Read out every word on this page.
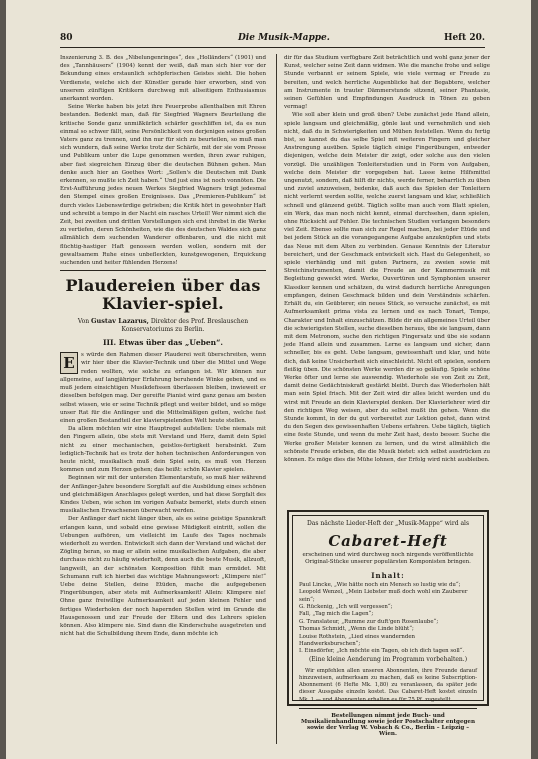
80	Die Musik-Mappe.	Heft 20.

Inszenierung 3. B. des „Nibelungenringes“, des „Holländers“ (1901) und des „Tannhäusers“ (1904) kennt der weiß, daß man sich hier vor der Bekundung eines erstaunlich schöpferischen Geistes sieht. Die hohen Verdienste, welche sich der Künstler gerade hier erworben, sind von unserem zünftigen Kritikern durchweg mit allseitigem Enthusiasmus anerkannt worden.

Seine Werke haben bis jetzt ihre Feuerprobe allenthalben mit Ehren bestanden. Bedenkt man, daß für Siegfried Wagners Beurteilung die kritische Sonde ganz unmißkürlich schärfer geschliffen ist, da es nun einmal so schwer fällt, seine Persönlichkeit von derjenigen seines großen Vaters ganz zu trennen, und ihn nur für sich zu beurteilen, so muß man sich wundern, daß seine Werke trotz der Schärfe, mit der sie vom Presse und Publikum unter die Lupe genommen werden, ihren zwar ruhigen, aber fast siegreichen Einzug über die deutschen Bühnen gehen. Man denke auch hier an Goethes Wort: „Sollen's die Deutschen mit Dank erkennen, so mußte ich Zeit haben.“ Und just eins ist noch vonnöten. Die Erst-Aufführung jedes neuen Werkes Siegfried Wagners trägt jedesmal den Stempel eines großen Ereignisses. Das „Premieren-Publikum“ ist durch vieles Liebenswürdige getrieben; die Kritik hört in gewohnter Haft und schreibt a tempo in der Nacht ein rasches Urteil! Wer nimmt sich die Zeit, bei zweiten und dritten Vorstellungen sich erst ihrebst in die Werke zu vertiefen, deren Schönheiten, wie die des deutschen Waldes sich ganz allmählich dem suchenden Wanderer offenbaren, und die nicht mit flüchtig-hastiger Haft genossen werden wollen, sondern mit der gewaltsamem Ruhe eines unbefleckten, kunstgewogenen, Erquickung suchenden und heiter fühlenden Herzens!

Plaudereien über das Klavier-spiel.
Von Gustav Lazarus, Direktor des Prof. Breslauschen Konservatoriums zu Berlin.
III. Etwas über das „Ueben“.
E	s würde den Rahmen dieser Plauderei weit überschreiten, wenn wir hier über die Klavier-Technik und über die Mittel und Wege reden wollten, wie solche zu erlangen ist. Wir können nur allgemeine, auf langjähriger Erfahrung beruhende Winke geben, und es muß jedem einsichtigen Musikdefissen überlassen bleiben, inwieweit er dieselben befolgen mag. Der gereifte Pianist wird ganz genau am besten selbst wissen, wie er seine Technik pflegt und weiter bildet, und so möge unser Rat für die Anfänger und die Mittelmäßigen gelten, welche fast einen großen Bestandteil der klavierspielenden Welt heute stellen.

Da allem möchten wir eine Hauptregel aufstellen: Uebe niemals mit den Fingern allein, übe stets mit Verstand und Herz, damit dein Spiel nicht zu einer mechanischen, geistlos-fertigkeit herabsinkt. Zum lediglich-Technik hat es trotz der hohen technischen Anforderungen von heute nicht, musikalisch muß dein Spiel sein, es muß von Herzen kommen und zum Herzen gehen; das heißt: schön Klavier spielen.

Beginnen wir mit der untersten Elementarstufe, so muß hier während der Anfänger-Jahre besondere Sorgfalt auf die Ausbildung eines schönen und gleichmäßigen Anschlages gelegt werden, und hat diese Sorgfalt des Kindes Ueben, wie schon im vorigen Aufsatz bemerkt, stets durch einen musikalischen Erwachsenen überwacht werden.

Der Anfänger darf nicht länger üben, als es seine geistige Spannkraft erlangen kann, und sobald eine gewisse Müdigkeit eintritt, sollen die Uebungen aufhören, um vielleicht im Laufe des Tages nochmals wiederholt zu werden. Entwickelt sich dann der Verstand und wächst der Zögling heran, so mag er allein seine musikalischen Aufgaben, die aber durchaus nicht zu häufig wiederholt, denn auch die beste Musik, allzuoft, langweilt, an der schönsten Komposition fühlt man ermüdet. Mit Schumann ruft ich hierbei das wichtige Mahnungswort: „Klimpere nie!“ Uebe deine Stellen, deine Etüden, mache die aufgegebenen Fingerübungen, aber stets mit Aufmerksamkeit! Allein: Klimpere nie! Ohne ganz freiwillige Aufmerksamkeit auf jeden kleinen Fehler und fertiges Wiederholen der noch hapernden Stellen wird im Grunde die Hausgenossen und zur Freude der Eltern und des Lehrers spielen können. Also klimpere nie. Sind dann die Kinderschuhe ausgetreten und nicht hat die Schulbildung ihrem Ende, dann möchte ich

dir für das Studium verfügbare Zeit beträchtlich und wohl ganz jener der Kunst, welcher seine Zeit dann widmen. Wie die manche frohe und selige Stunde verbannt er seinem Spiele, wie viele vermag er Freude zu bereiten, und welch herrliche Augenblicke hat der Begabtere, welcher am Instrumente in trauter Dämmerstunde sitzend, seiner Phantasie, seinen Gefühlen und Empfindungen Ausdruck in Tönen zu geben vermag!

Wie soll aber klein und groß üben? Uebe zunächst jede Hand allein, spiele langsam und gleichmäßig, gönle laut und vernehmlich und sieh nicht, daß du in Schwierigkeiten und Mühen feststellen. Wenn du fertig bist, so kannst du das selbe Spiel mit weiteren Fingern und gleicher Anstrengung ausüben. Spiele täglich einige Fingerübungen, entweder diejenigen, welche dein Meister dir zeigt, oder solche aus den vielen vorzügl. Die unzähligen Tonleiterstudien und in Form von Aufgaben, welche dein Meister dir vorgegeben hat. Lasse keine Hilfsmittel ungenutzt, sondern, daß hilft dir nichts, werde ferner, beharrlich zu üben und zuviel anzuweisen, bedenke, daß auch das Spielen der Tonleitern nicht verlernt werden sollte, welche zuerst langsam und klar, schließlich schnell und glänzend geübt. Täglich sollte man auch vom Blatt spielen, ein Werk, das man noch nicht kennt, einmal durchsehen, dann spielen, ohne Rücksicht auf Fehler. Die technischen Studien verlangen besonders viel Zeit. Ebenso sollte man sich zur Regel machen, bei jeder Etüde und bei jedem Stück an die vorangegangene Aufgabe anzuknüpfen und stets das Neue mit dem Alten zu verbinden. Genaue Kenntnis der Literatur bereichert, und der Geschmack entwickelt sich. Hast du Gelegenheit, so spiele vierhändig und mit guten Partnern, zu zweien sowie mit Streichinstrumenten, damit die Freude an der Kammermusik mit Begleitung geweckt wird. Werke, Ouvertüren und Symphonien unserer Klassiker kennen und schätzen, du wirst dadurch herrliche Anregungen empfangen, deinen Geschmack bilden und dein Verständnis schärfen. Erhält du, ein Geübterer, ein neues Stück, so versuche zunächst, es mit Aufmerksamkeit prima vista zu lernen und es nach Tonart, Tempo, Charakter und Inhalt einzuschätzen. Bilde dir ein allgemeines Urteil über die schwierigsten Stellen, suche dieselben heraus, übe sie langsam, dann mit dem Metronom, suche den richtigen Fingersatz und übe sie sodann jede Hand allein und zusammen. Lerne es langsam und sicher, dann schneller, bis es geht. Uebe langsam, gewissenhaft und klar, und hüte dich, daß keine Unsicherheit sich einschleicht. Nicht oft spielen, sondern fleißig üben. Die schönsten Werke werden dir so geläufig. Spiele schöne Werke öfter und lerne sie auswendig. Wiederhole sie von Zeit zu Zeit, damit deine Gedächtniskraft gestärkt bleibt. Durch das Wiederholen hält man sein Spiel frisch. Mit der Zeit wird dir alles leicht werden und du wirst mit Freude an dein Klavierspiel denken. Der Klavierlehrer wird dir den richtigen Weg weisen, aber du selbst mußt ihn gehen. Wenn die Stunde kommt, in der du gut vorbereitet zur Lektion gehst, dann wirst du den Segen des gewissenhaften Uebens erfahren. Uebe täglich, täglich eine feste Stunde, und wenn du mehr Zeit hast, desto besser. Suche die Werke großer Meister kennen zu lernen, und du wirst allmählich die schönste Freude erleben, die die Musik bietet: sich selbst ausdrücken zu können. Es möge dies die Mühe lohnen, der Erfolg wird nicht ausbleiben.

Das nächste Lieder-Heft der „Musik-Mappe“ wird als

Cabaret-Heft

erscheinen und wird durchweg noch nirgends veröffentlichte Original-Stücke unserer populärsten Komponisten bringen.

Inhalt:
Paul Lincke, „Wie hätte noch ein Mensch so lustig wie du“;
Leopold Wenzel, „Mein Liebster muß doch wohl ein Zauberer sein“;
G. Rückenig, „Ich will vergessen“;
Fall, „Tag mich die Lagen“;
G. Translateur, „Rumme zur duft'gen Rosenlaube“;
Thomas Schmidt, „Wenn die Linde blüht“;
Louise Rothstein, „Lied eines wandernden Handwerksburschen“;
I. Einsdörfer, „Ich möchte ein Tagen, ob ich dich tagen soll“.
(Eine kleine Aenderung im Programm vorbehalten.)

Wir empfehlen allen unseren Abonnenten, ihre Freunde darauf hinzuweisen, aufmerksam zu machen, daß es keine Subscription-Abonnement (6 Hefte Mk. 1,80) zu veranlassen, da später jede dieser Aussgabe einzeln kostet. Das Cabaret-Heft kostet einzeln Mk. 1.— und Abonnenten erhalten es für 75 Pf. zugestellt.

Bestellungen nimmt jede Buch- und Musikalienhandlung sowie jeder Postschalter entgegen sowie der Verlag W. Vobach & Co., Berlin – Leipzig – Wien.
